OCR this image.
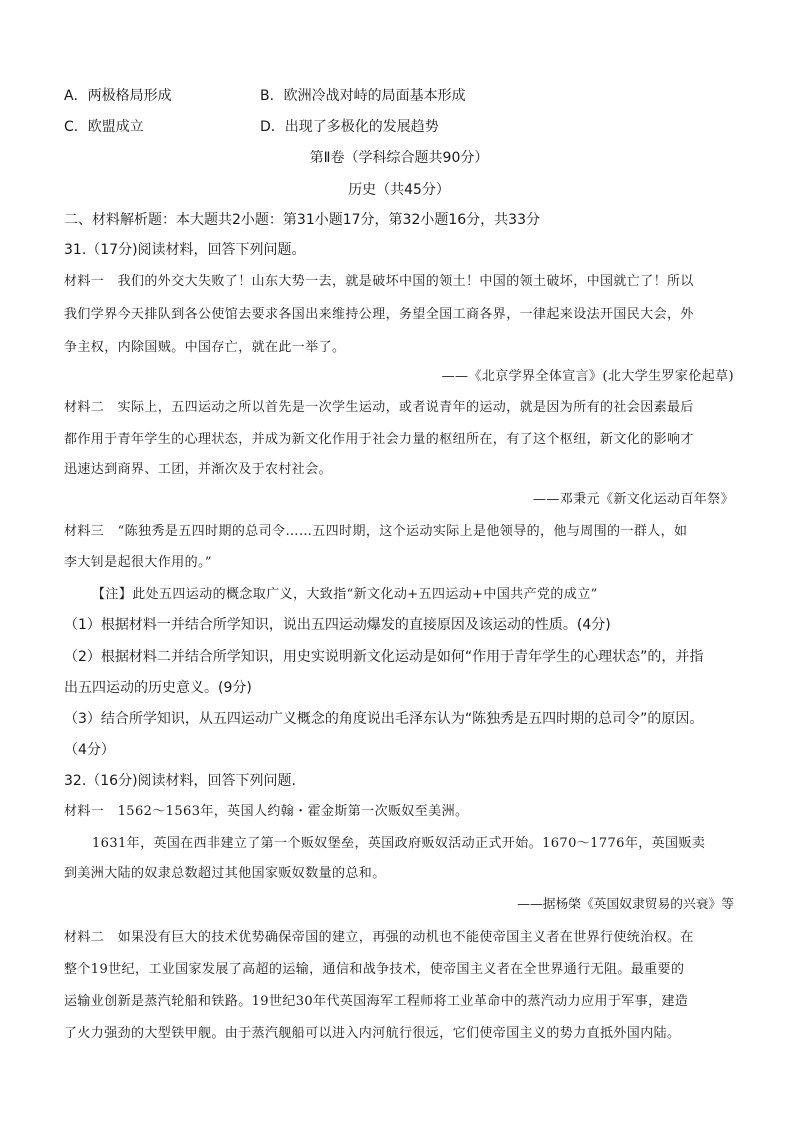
A．两极格局形成	B．欧洲冷战对峙的局面基本形成
C．欧盟成立	D．出现了多极化的发展趋势
第Ⅱ卷（学科综合题共90分）
历史（共45分）
二、材料解析题：本大题共2小题：第31小题17分，第32小题16分，共33分
31.（17分)阅读材料，回答下列问题。
材料一　我们的外交大失败了！山东大势一去，就是破坏中国的领土！中国的领土破坏，中国就亡了！所以
我们学界今天排队到各公使馆去要求各国出来维持公理，务望全国工商各界，一律起来设法开国民大会，外
争主权，内除国贼。中国存亡，就在此一举了。
——《北京学界全体宣言》(北大学生罗家伦起草)
材料二　实际上，五四运动之所以首先是一次学生运动，或者说青年的运动，就是因为所有的社会因素最后
都作用于青年学生的心理状态，并成为新文化作用于社会力量的枢纽所在，有了这个枢纽，新文化的影响才
迅速达到商界、工团，并渐次及于农村社会。
——邓秉元《新文化运动百年祭》
材料三　“陈独秀是五四时期的总司令……五四时期，这个运动实际上是他领导的，他与周围的一群人，如
李大钊是起很大作用的。”
【注】此处五四运动的概念取广义，大致指“新文化动+五四运动+中国共产党的成立”
（1）根据材料一并结合所学知识，说出五四运动爆发的直接原因及该运动的性质。(4分)
（2）根据材料二并结合所学知识，用史实说明新文化运动是如何“作用于青年学生的心理状态”的，并指
出五四运动的历史意义。(9分)
（3）结合所学知识，从五四运动广义概念的角度说出毛泽东认为“陈独秀是五四时期的总司令”的原因。
（4分）
32.（16分)阅读材料，回答下列问题.
材料一　1562～1563年，英国人约翰・霍金斯第一次贩奴至美洲。
1631年，英国在西非建立了第一个贩奴堡垒，英国政府贩奴活动正式开始。1670～1776年，英国贩卖
到美洲大陆的奴隶总数超过其他国家贩奴数量的总和。
——据杨棨《英国奴隶贸易的兴衰》等
材料二　如果没有巨大的技术优势确保帝国的建立，再强的动机也不能使帝国主义者在世界行使统治权。在
整个19世纪，工业国家发展了高超的运输，通信和战争技术，使帝国主义者在全世界通行无阻。最重要的
运输业创新是蒸汽轮船和铁路。19世纪30年代英国海军工程师将工业革命中的蒸汽动力应用于军事，建造
了火力强劲的大型铁甲舰。由于蒸汽舰船可以进入内河航行很远，它们使帝国主义的势力直抵外国内陆。
